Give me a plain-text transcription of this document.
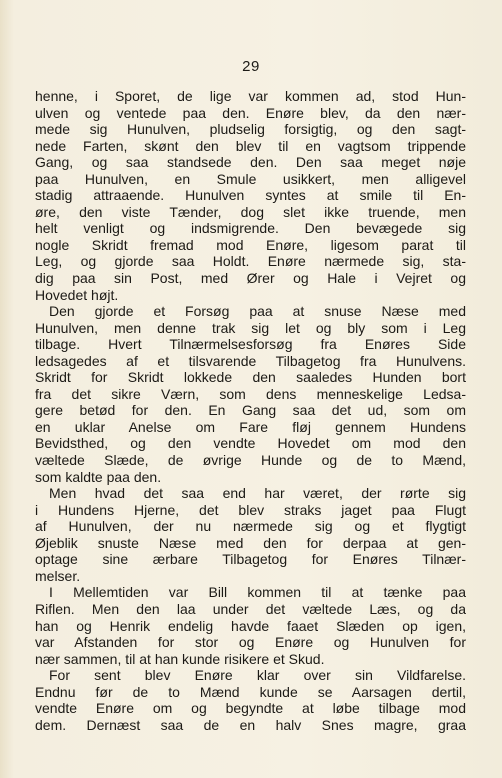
29
henne, i Sporet, de lige var kommen ad, stod Hun-
ulven og ventede paa den. Enøre blev, da den nær-
mede sig Hunulven, pludselig forsigtig, og den sagt-
nede Farten, skønt den blev til en vagtsom trippende
Gang, og saa standsede den. Den saa meget nøje
paa Hunulven, en Smule usikkert, men alligevel
stadig attraaende. Hunulven syntes at smile til En-
øre, den viste Tænder, dog slet ikke truende, men
helt venligt og indsmigrende. Den bevægede sig
nogle Skridt fremad mod Enøre, ligesom parat til
Leg, og gjorde saa Holdt. Enøre nærmede sig, sta-
dig paa sin Post, med Ører og Hale i Vejret og
Hovedet højt.
Den gjorde et Forsøg paa at snuse Næse med
Hunulven, men denne trak sig let og bly som i Leg
tilbage. Hvert Tilnærmelsesforsøg fra Enøres Side
ledsagedes af et tilsvarende Tilbagetog fra Hunulvens.
Skridt for Skridt lokkede den saaledes Hunden bort
fra det sikre Værn, som dens menneskelige Ledsa-
gere betød for den. En Gang saa det ud, som om
en uklar Anelse om Fare fløj gennem Hundens
Bevidsthed, og den vendte Hovedet om mod den
væltede Slæde, de øvrige Hunde og de to Mænd,
som kaldte paa den.
Men hvad det saa end har været, der rørte sig
i Hundens Hjerne, det blev straks jaget paa Flugt
af Hunulven, der nu nærmede sig og et flygtigt
Øjeblik snuste Næse med den for derpaa at gen-
optage sine ærbare Tilbagetog for Enøres Tilnær-
melser.
I Mellemtiden var Bill kommen til at tænke paa
Riflen. Men den laa under det væltede Læs, og da
han og Henrik endelig havde faaet Slæden op igen,
var Afstanden for stor og Enøre og Hunulven for
nær sammen, til at han kunde risikere et Skud.
For sent blev Enøre klar over sin Vildfarelse.
Endnu før de to Mænd kunde se Aarsagen dertil,
vendte Enøre om og begyndte at løbe tilbage mod
dem. Dernæst saa de en halv Snes magre, graa
